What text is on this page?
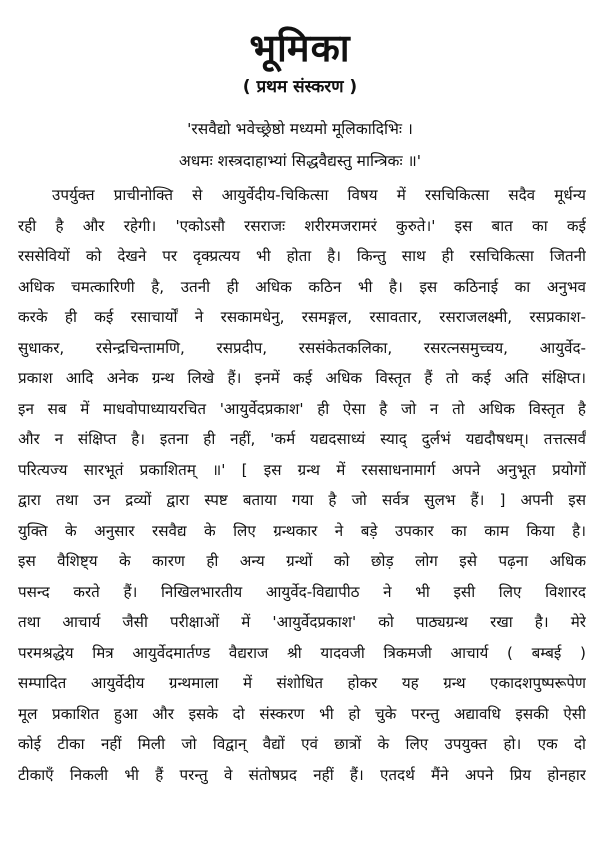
भूमिका
( प्रथम संस्करण )
'रसवैद्यो भवेच्छ्रेष्ठो मध्यमो मूलिकादिभिः ।
अधमः शस्त्रदाहाभ्यां सिद्धवैद्यस्तु मान्त्रिकः ॥'
उपर्युक्त प्राचीनोक्ति से आयुर्वेदीय-चिकित्सा विषय में रसचिकित्सा सदैव मूर्धन्य
रही है और रहेगी। 'एकोऽसौ रसराजः शरीरमजरामरं कुरुते।' इस बात का कई
रससेवियों को देखने पर दृक्प्रत्यय भी होता है। किन्तु साथ ही रसचिकित्सा जितनी
अधिक चमत्कारिणी है, उतनी ही अधिक कठिन भी है। इस कठिनाई का अनुभव
करके ही कई रसाचार्यों ने रसकामधेनु, रसमङ्गल, रसावतार, रसराजलक्ष्मी, रसप्रकाश-
सुधाकर, रसेन्द्रचिन्तामणि, रसप्रदीप, रससंकेतकलिका, रसरत्नसमुच्चय, आयुर्वेद-
प्रकाश आदि अनेक ग्रन्थ लिखे हैं। इनमें कई अधिक विस्तृत हैं तो कई अति संक्षिप्त।
इन सब में माधवोपाध्यायरचित 'आयुर्वेदप्रकाश' ही ऐसा है जो न तो अधिक विस्तृत है
और न संक्षिप्त है। इतना ही नहीं, 'कर्म यद्यदसाध्यं स्याद् दुर्लभं यद्यदौषधम्। तत्तत्सर्वं
परित्यज्य सारभूतं प्रकाशितम् ॥' [ इस ग्रन्थ में रससाधनामार्ग अपने अनुभूत प्रयोगों
द्वारा तथा उन द्रव्यों द्वारा स्पष्ट बताया गया है जो सर्वत्र सुलभ हैं। ] अपनी इस
युक्ति के अनुसार रसवैद्य के लिए ग्रन्थकार ने बड़े उपकार का काम किया है।
इस वैशिष्ट्य के कारण ही अन्य ग्रन्थों को छोड़ लोग इसे पढ़ना अधिक
पसन्द करते हैं। निखिलभारतीय आयुर्वेद-विद्यापीठ ने भी इसी लिए विशारद
तथा आचार्य जैसी परीक्षाओं में 'आयुर्वेदप्रकाश' को पाठ्यग्रन्थ रखा है। मेरे
परमश्रद्धेय मित्र आयुर्वेदमार्तण्ड वैद्यराज श्री यादवजी त्रिकमजी आचार्य ( बम्बई )
सम्पादित आयुर्वेदीय ग्रन्थमाला में संशोधित होकर यह ग्रन्थ एकादशपुष्परूपेण
मूल प्रकाशित हुआ और इसके दो संस्करण भी हो चुके परन्तु अद्यावधि इसकी ऐसी
कोई टीका नहीं मिली जो विद्वान् वैद्यों एवं छात्रों के लिए उपयुक्त हो। एक दो
टीकाएँ निकली भी हैं परन्तु वे संतोषप्रद नहीं हैं। एतदर्थ मैंने अपने प्रिय होनहार
